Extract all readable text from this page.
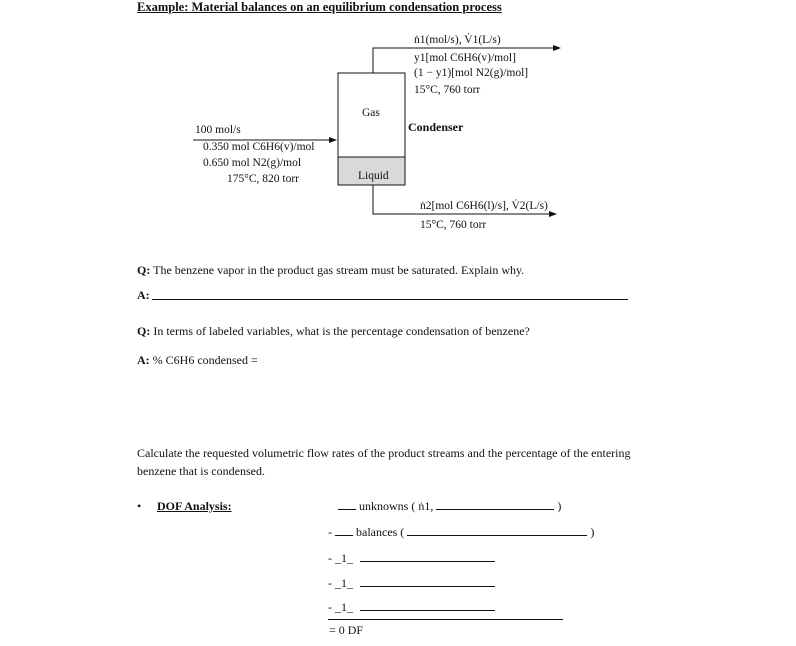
Example: Material balances on an equilibrium condensation process
Gas
Liquid
Condenser
100 mol/s
0.350 mol C6H6(v)/mol
0.650 mol N2(g)/mol
175°C, 820 torr
ṅ1(mol/s), V̇1(L/s)
y1[mol C6H6(v)/mol]
(1 − y1)[mol N2(g)/mol]
15°C, 760 torr
ṅ2[mol C6H6(l)/s], V̇2(L/s)
15°C, 760 torr
Q: The benzene vapor in the product gas stream must be saturated. Explain why.
A:
Q: In terms of labeled variables, what is the percentage condensation of benzene?
A: % C6H6 condensed =
Calculate the requested volumetric flow rates of the product streams and the percentage of the entering
benzene that is condensed.
• DOF Analysis:	unknowns ( ṅ1,	)
- balances (	)
- _1_
- _1_
- _1_
= 0 DF
